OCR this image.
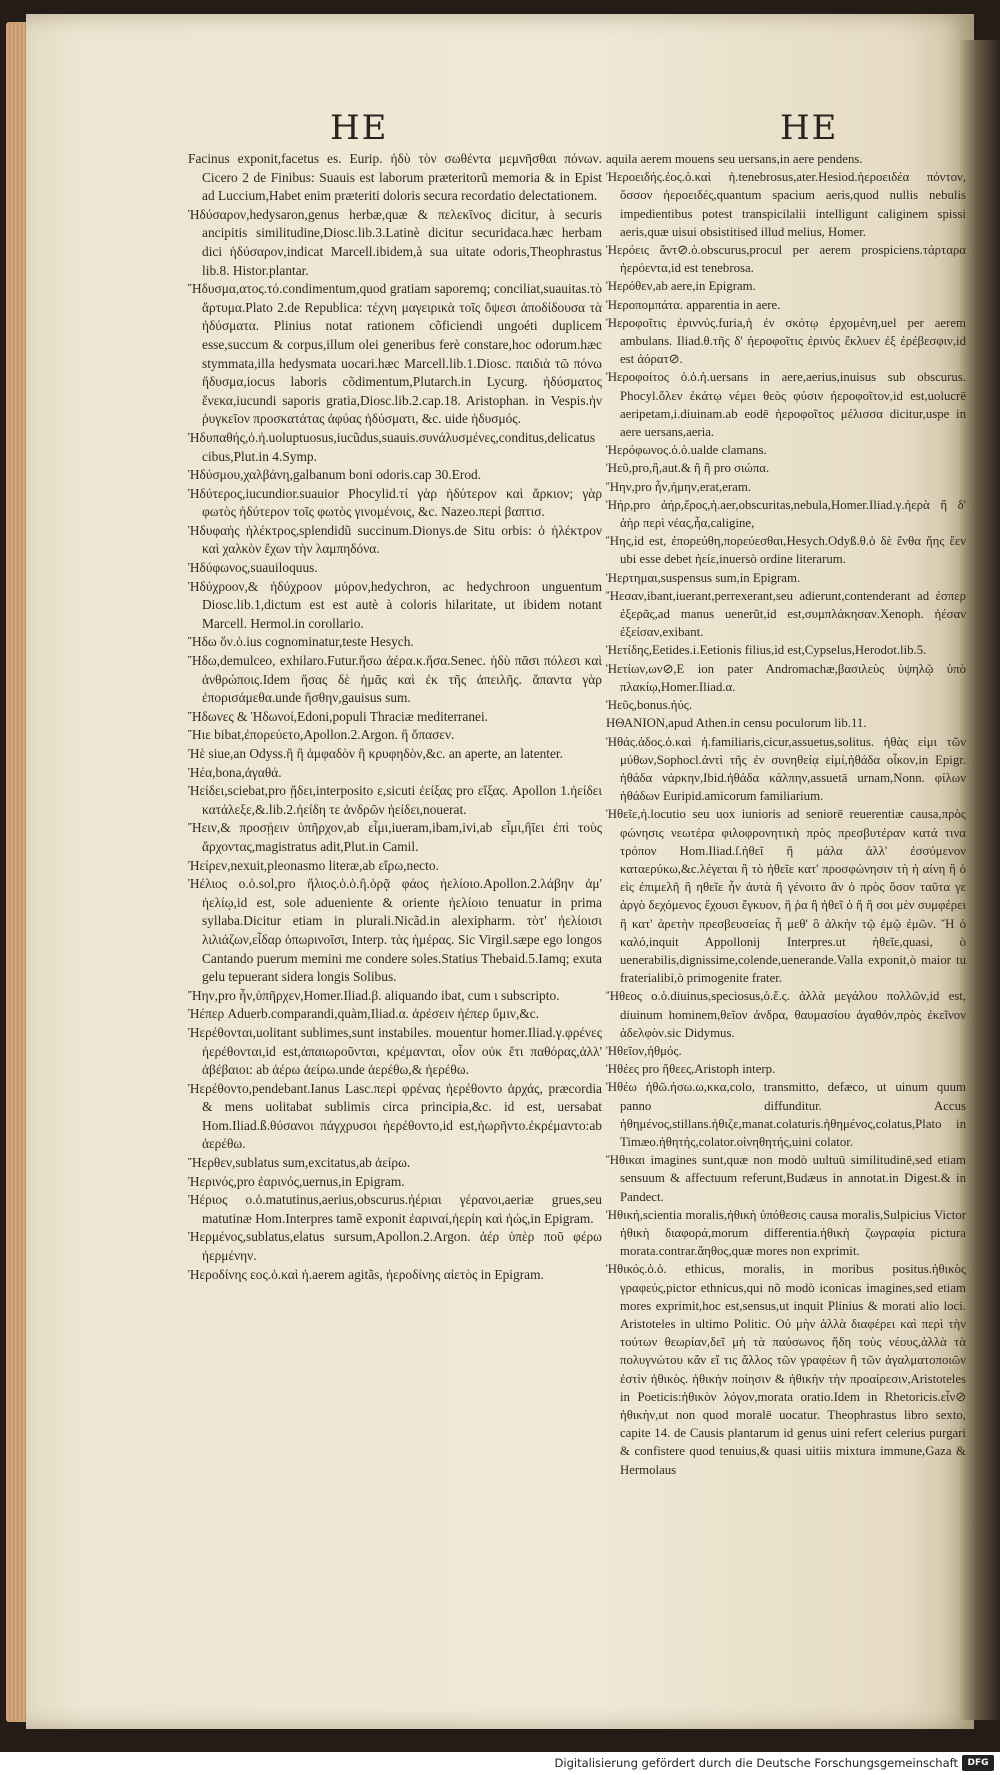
HE	HE

Facinus exponit,facetus es. Eurip. ἡδὺ τὸν σωθέντα μεμνῆσθαι πόνων. Cicero 2 de Finibus: Suauis est laborum præteritorũ memoria & in Epist ad Luccium,Habet enim præteriti doloris secura recordatio delectationem.

Ἡδύσαρον,hedysaron,genus herbæ,quæ & πελεκῖνος dicitur, à securis ancipitis similitudine,Diosc.lib.3.Latinè dicitur securidaca.hæc herbam dici ἡδύσαρον,indicat Marcell.ibidem,à sua uitate odoris,Theophrastus lib.8. Histor.plantar.

Ἥδυσμα,ατος.τό.condimentum,quod gratiam saporemq; conciliat,suauitas.τὸ ἄρτυμα.Plato 2.de Republica: τέχνη μαγειρικὰ τοῖς ὄψεσι ἀποδίδουσα τὰ ἡδύσματα. Plinius notat rationem cõficiendi ungoéti duplicem esse,succum & corpus,illum olei generibus ferè constare,hoc odorum.hæc stymmata,illa hedysmata uocari.hæc Marcell.lib.1.Diosc. παιδιὰ τῶ πόνω ἥδυσμα,iocus laboris cõdimentum,Plutarch.in Lycurg. ἡδύσματος ἕνεκα,iucundi saporis gratia,Diosc.lib.2.cap.18. Aristophan. in Vespis.ἡν ῥυγκεῖον προσκατάτας ἀφύας ἡδύσματι, &c. uide ἡδυσμός.

Ἡδυπαθής,ὁ.ἡ.uoluptuosus,iucũdus,suauis.συνάλυσμένες,conditus,delicatus cibus,Plut.in 4.Symp.

Ἡδύσμου,χαλβάνη,galbanum boni odoris.cap 30.Erod.

Ἡδύτερος,iucundior.suauior Phocylid.τί γὰρ ἡδύτερον καὶ ἄρκιον; γὰρ φωτὸς ἡδύτερον τοῖς φωτὸς γινομένοις, &c. Nazeo.περὶ βαπτισ.

Ἡδυφαὴς ἠλέκτρος,splendidũ succinum.Dionys.de Situ orbis: ὁ ἠλέκτρον καὶ χαλκὸν ἔχων τὴν λαμπηδόνα.

Ἡδύφωνος,suauiloquus.

Ἡδύχροον,& ἡδύχροον μύρον,hedychron, ac hedychroon unguentum Diosc.lib.1,dictum est est autè à coloris hilaritate, ut ibidem notant Marcell. Hermol.in corollario.

Ἥδω ὄν.ὁ.ius cognominatur,teste Hesych.

Ἥδω,demulceo, exhilaro.Futur.ἥσω ἀέρα.κ.ἥσα.Senec. ἡδὺ πᾶσι πόλεσι καὶ ἀνθρώποις.Idem ἥσας δὲ ἡμᾶς καὶ ἐκ τῆς ἀπειλῆς. ἅπαντα γὰρ ἐπορισάμεθα.unde ἥσθην,gauisus sum.

Ἥδωνες & Ἡδωνοί,Edoni,populi Thraciæ mediterranei.

Ἤιε bibat,ἐπορεύετο,Apollon.2.Argon. ἢ ὄπασεν.

Ἠὲ siue,an Odyss.ἢ ἢ ἀμφαδὸν ἢ κρυφηδὸν,&c. an aperte, an latenter.

Ἠέα,bona,ἀγαθά.

Ἠείδει,sciebat,pro ᾔδει,interposito ε,sicuti ἐείξας pro εἴξας. Apollon 1.ἠείδει κατάλεξε,&.lib.2.ἠείδη τε ἀνδρῶν ἠείδει,nouerat.

Ἤειν,& προσῄειν ὑπῆρχον,ab εἶμι,iueram,ibam,ivi,ab εἶμι,ἢῖει ἐπὶ τοὺς ἄρχοντας,magistratus adit,Plut.in Camil.

Ἠείρεν,nexuit,pleonasmo literæ,ab εἴρω,necto.

Ἠέλιος ο.ὁ.sol,pro ἥλιος.ὁ.ὁ.ἢ.ὁρᾷ φάος ἠελίοιο.Apollon.2.λάβην ἀμ' ἠελίῳ,id est, sole adueniente & oriente ἠελίοιο tenuatur in prima syllaba.Dicitur etiam in plurali.Nicãd.in alexipharm. τὸτ' ἠελίοισι λιλιάζων,εἶδαρ ὀπωρινοῖσι, Interp. τὰς ἡμέρας. Sic Virgil.sæpe ego longos Cantando puerum memini me condere soles.Statius Thebaid.5.Iamq; exuta gelu tepuerant sidera longis Solibus.

Ἤην,pro ἦν,ὑπῆρχεν,Homer.Iliad.β. aliquando ibat, cum ι subscripto.

Ἠέπερ Aduerb.comparandi,quàm,Iliad.α. ἀρέσειν ἠέπερ ὕμιν,&c.

Ἠερέθονται,uolitant sublimes,sunt instabiles. mouentur homer.Iliad.γ.φρένες ἠερέθονται,id est,ἀπαιωροῦνται, κρέμανται, οἷον οὐκ ἔτι παθόρας,ἀλλ' ἀβέβαιοι: ab ἀέρω ἀείρω.unde ἀερέθω,& ἠερέθω.

Ἠερέθοντο,pendebant.Ianus Lasc.περὶ φρένας ἠερέθοντο ἀρχάς, præcordia & mens uolitabat sublimis circa principia,&c. id est, uersabat Hom.Iliad.ß.θύσανοι πάγχρυσοι ἠερέθοντο,id est,ἠωρῆντο.ἐκρέμαντο:ab ἀερέθω.

Ἤερθεν,sublatus sum,excitatus,ab ἀείρω.

Ἠερινός,pro ἐαρινός,uernus,in Epigram.

Ἠέριος ο.ὁ.matutinus,aerius,obscurus.ἠέριαι γέρανοι,aeriæ grues,seu matutinæ Hom.Interpres tamẽ exponit ἐαριναί,ἠερίη καὶ ἠώς,in Epigram.

Ἠερμένος,sublatus,elatus sursum,Apollon.2.Argon. ἀέρ ὑπὲρ ποῦ φέρω ἠερμένην.

Ἠεροδίνης εος.ὁ.καὶ ἡ.aerem agitãs, ἠεροδίνης αἰετὸς in Epigram.

aquila aerem mouens seu uersans,in aere pendens.

Ἠεροειδής.ἐος.ὁ.καὶ ἡ.tenebrosus,ater.Hesiod.ἠεροειδέα πόντον, ὅσσον ἠεροειδές,quantum spacium aeris,quod nullis nebulis impedientibus potest transpicilalii intelligunt caliginem spissi aeris,quæ uisui obsistitised illud melius, Homer.

Ἠερόεις ἄντ⊘.ὁ.obscurus,procul per aerem prospiciens.τάρταρα ἠερόεντα,id est tenebrosa.

Ἠερόθεν,ab aere,in Epigram.

Ἠεροπομπάτα. apparentia in aere.

Ἠεροφοῖτις ἐριννύς.furia,ἡ ἐν σκότῳ ἐρχομένη,uel per aerem ambulans. Iliad.θ.τῆς δ' ἠεροφοῖτις ἐρινὺς ἔκλυεν ἐξ ἐρέβεσφιν,id est ἀόρατ⊘.

Ἠεροφοίτος ὁ.ὁ.ἡ.uersans in aere,aerius,inuisus sub obscurus. Phocyl.ὅλεν ἐκάτῳ νέμει θεὸς φύσιν ἠεροφοῖτον,id est,uolucrē aeripetam,i.diuinam.ab eodē ἠεροφοῖτος μέλισσα dicitur,uspe in aere uersans,aeria.

Ἠερόφωνος.ὁ.ὁ.ualde clamans.

Ἠεῦ,pro,ἢ,aut.& ἢ ἢ pro σιώπα.

Ἤην,pro ἦν,ἡμην,erat,eram.

Ἠήρ,pro ἀήρ,ἔρος,ἡ.aer,obscuritas,nebula,Homer.Iliad.γ.ἠερὰ ἢ δ' ἀὴρ περὶ νέας,ἦα,caligine,

Ἤης,id est, ἐπορεύθη,πορεύεσθαι,Hesych.Odyß.θ.ὁ δὲ ἔνθα ἤης ἔεν ubi esse debet ἠείε,inuersò ordine literarum.

Ἠερτημαι,suspensus sum,in Epigram.

Ἤεσαν,ibant,iuerant,perrexerant,seu adierunt,contenderant ad ἐσπερ ἐξερᾶς,ad manus uenerũt,id est,συμπλάκησαν.Xenoph. ἠέσαν ἐξείσαν,exibant.

Ἠετίδης,Eetides.i.Eetionis filius,id est,Cypselus,Herodot.lib.5.

Ἠετίων,ων⊘,E ion pater Andromachæ,βασιλεὺς ὑψηλῷ ὑπὸ πλακίῳ,Homer.Iliad.α.

Ἠεῦς,bonus.ἠύς.

ΗΘΑΝΙΟΝ,apud Athen.in censu poculorum lib.11.

Ἠθάς.ἀδος.ὁ.καὶ ἡ.familiaris,cicur,assuetus,solitus. ἠθὰς εἰμι τῶν μύθων,Sophocl.ἀντὶ τῆς ἐν συνηθείᾳ εἰμί,ἠθάδα οἶκον,in Epigr. ἠθάδα νάρκην,Ibid.ἠθάδα κάλπην,assuetā urnam,Nonn. φίλων ἠθάδων Euripid.amicorum familiarium.

Ἠθεῖε,ἠ.locutio seu uox iunioris ad seniorē reuerentiæ causa,πρὸς φώνησις νεωτέρα φιλοφρονητικὴ πρὸς πρεσβυτέραν κατά τινα τρόπον Hom.Iliad.ſ.ἠθεῖ ἢ μάλα ἀλλ' ἐσσύμενον καταερύκω,&c.λέγεται ἢ τὸ ἠθεῖε κατ' προσφώνησιν τὴ ἡ αίνη ἢ ὁ εἰς ἐπιμελῆ ἢ ηθεῖε ἦν ἀυτὰ ἢ γένοιτο ἂν ὁ πρὸς ὅσον ταῦτα γε ἀργὸ δεχόμενος ἔχουσι ἔγκυον, ἣ ῥα ἢ ἠθεῖ ὁ ἤ ἢ σοι μὲν συμφέρει ἢ κατ' ἀρετὴν πρεσβευσείας ἦ μεθ' ὃ ἀλκὴν τῷ ἐμῷ ἐμῶν. Ἤ ὁ καλό,inquit Appollonij Interpres.ut ἠθεῖε,quasi, ò uenerabilis,dignissime,colende,uenerande.Valla exponit,ò maior tu fraterialibi,ò primogenite frater.

Ἤθεος ο.ὁ.diuinus,speciosus,ὁ.ἔ.ς. ἀλλὰ μεγάλου πολλῶν,id est, diuinum hominem,θεῖον ἀνδρα, θαυμασίου ἀγαθόν,πρὸς ἐκεῖνον ἀδελφὸν.sic Didymus.

Ἠθεῖον,ἠθμός.

Ἠθέες pro ἤθεες,Aristoph interp.

Ἠθέω ἠθῶ.ἠσω.ω,κκα,colo, transmitto, defæco, ut uinum quum panno diffunditur. Accus ἠθημένος,stillans.ἠθιζε,manat.colaturis.ἠθημένος,colatus,Plato in Timæo.ἠθητής,colator.οἰνηθητής,uini colator.

Ἤθικαι imagines sunt,quæ non modò uultuū similitudinē,sed etiam sensuum & affectuum referunt,Budæus in annotat.in Digest.& in Pandect.

Ἠθική,scientia moralis,ἠθικὴ ὑπόθεσις causa moralis,Sulpicius Victor ἠθικὴ διαφορά,morum differentia.ἠθικὴ ζωγραφία pictura morata.contrar.ἄηθος,quæ mores non exprimit.

Ἠθικός.ὁ.ὁ. ethicus, moralis, in moribus positus.ἠθικὸς γραφεύς,pictor ethnicus,qui nõ modò iconicas imagines,sed etiam mores exprimit,hoc est,sensus,ut inquit Plinius & morati alio loci. Aristoteles in ultimo Politic. Οὐ μὴν ἀλλὰ διαφέρει καὶ περὶ τὴν τούτων θεωρίαν,δεῖ μὴ τὰ παύσωνος ἤδη τοὺς νέους,ἀλλὰ τὰ πολυγνώτου κἄν εἴ τις ἄλλος τῶν γραφέων ἢ τῶν ἀγαλματοποιῶν ἐστὶν ἠθικὸς. ἠθικὴν ποίησιν & ἠθικὴν τὴν προαίρεσιν,Aristoteles in Poeticis:ἠθικὸν λόγον,morata oratio.Idem in Rhetoricis.εἶν⊘ ἠθικὴν,ut non quod moralē uocatur. Theophrastus libro sexto, capite 14. de Causis plantarum id genus uini refert celerius purgari & confistere quod tenuius,& quasi uitiis mixtura immune,Gaza & Hermolaus

Digitalisierung gefördert durch die Deutsche Forschungsgemeinschaft	DFG
